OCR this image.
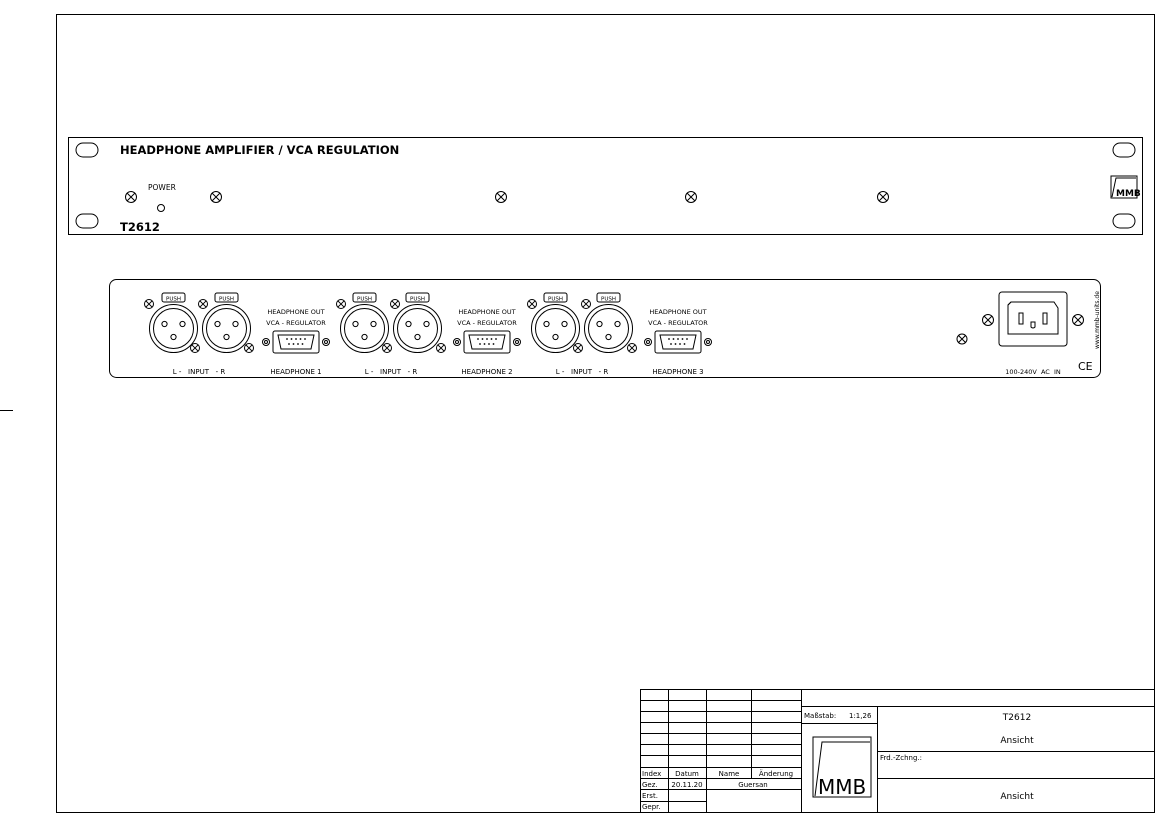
HEADPHONE AMPLIFIER / VCA REGULATION
POWER
T2612
MMB
PUSH	PUSH
L -   INPUT   - R
HEADPHONE OUT
VCA - REGULATOR
HEADPHONE 1
PUSH	PUSH
L -   INPUT   - R
HEADPHONE OUT
VCA - REGULATOR
HEADPHONE 2
PUSH	PUSH
L -   INPUT   - R
HEADPHONE OUT
VCA - REGULATOR
HEADPHONE 3	100-240V  AC  IN CE
www.mmb-units.de
Index Datum	Name	Änderung
Gez. 20.11.20	Guersan
Erst.
Gepr.
Maßstab: 1:1,26	T2612
Ansicht
Frd.-Zchng.:
Ansicht
MMB
